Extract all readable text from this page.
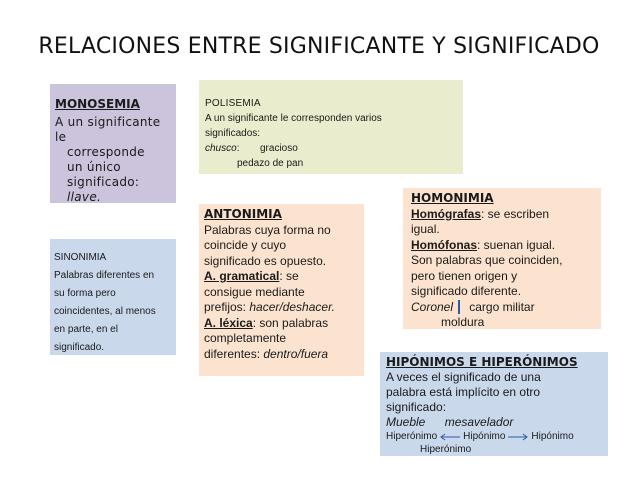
RELACIONES ENTRE SIGNIFICANTE Y SIGNIFICADO
MONOSEMIA
A un significante le
corresponde
un único
significado:
llave.
POLISEMIA
A un significante le corresponden varios
significados:
chusco:	gracioso
pedazo de pan
SINONIMIA
Palabras diferentes en
su forma pero
coincidentes, al menos
en parte, en el
significado.
ANTONIMIA
Palabras cuya forma no
coincide y cuyo
significado es opuesto.
A. gramatical: se
consigue mediante
prefijos: hacer/deshacer.
A. léxica: son palabras
completamente
diferentes: dentro/fuera
HOMONIMIA
Homógrafas: se escriben
igual.
Homófonas: suenan igual.
Son palabras que coinciden,
pero tienen origen y
significado diferente.
Coronel cargo militar
moldura
HIPÓNIMOS E HIPERÓNIMOS
A veces el significado de una
palabra está implícito en otro
significado:
Mueble mesavelador
Hiperónimo	Hipónimo	Hipónimo
Hiperónimo
